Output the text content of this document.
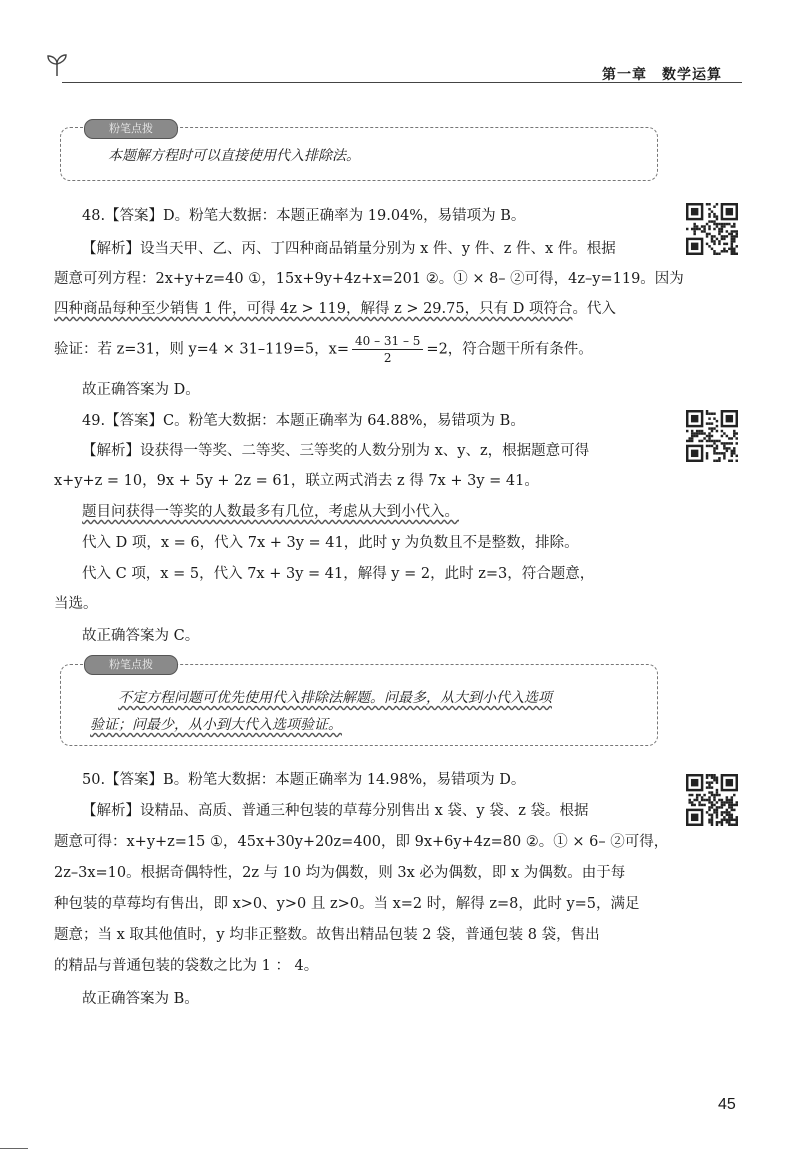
第一章　数学运算
粉笔点拨
本题解方程时可以直接使用代入排除法。
48.【答案】D。粉笔大数据：本题正确率为 19.04%，易错项为 B。
【解析】设当天甲、乙、丙、丁四种商品销量分别为 x 件、y 件、z 件、x 件。根据
题意可列方程：2x+y+z=40 ①，15x+9y+4z+x=201 ②。① × 8– ②可得，4z–y=119。因为
四种商品每种至少销售 1 件，可得 4z > 119，解得 z > 29.75，只有 D 项符合。代入
验证：若 z=31，则 y=4 × 31–119=5，$x= \frac{40 - 31 - 5}{2} =2$，符合题干所有条件。
故正确答案为 D。
49.【答案】C。粉笔大数据：本题正确率为 64.88%，易错项为 B。
【解析】设获得一等奖、二等奖、三等奖的人数分别为 x、y、z，根据题意可得
x+y+z = 10，9x + 5y + 2z = 61，联立两式消去 z 得 7x + 3y = 41。
题目问获得一等奖的人数最多有几位，考虑从大到小代入。
代入 D 项，x = 6，代入 7x + 3y = 41，此时 y 为负数且不是整数，排除。
代入 C 项，x = 5，代入 7x + 3y = 41，解得 y = 2，此时 z=3，符合题意，
当选。
故正确答案为 C。
粉笔点拨
不定方程问题可优先使用代入排除法解题。问最多，从大到小代入选项
验证；问最少，从小到大代入选项验证。
50.【答案】B。粉笔大数据：本题正确率为 14.98%，易错项为 D。
【解析】设精品、高质、普通三种包装的草莓分别售出 x 袋、y 袋、z 袋。根据
题意可得：x+y+z=15 ①，45x+30y+20z=400，即 9x+6y+4z=80 ②。① × 6– ②可得，
2z–3x=10。根据奇偶特性，2z 与 10 均为偶数，则 3x 必为偶数，即 x 为偶数。由于每
种包装的草莓均有售出，即 x>0、y>0 且 z>0。当 x=2 时，解得 z=8，此时 y=5，满足
题意；当 x 取其他值时，y 均非正整数。故售出精品包装 2 袋，普通包装 8 袋，售出
的精品与普通包装的袋数之比为 1 ： 4。
故正确答案为 B。
45
